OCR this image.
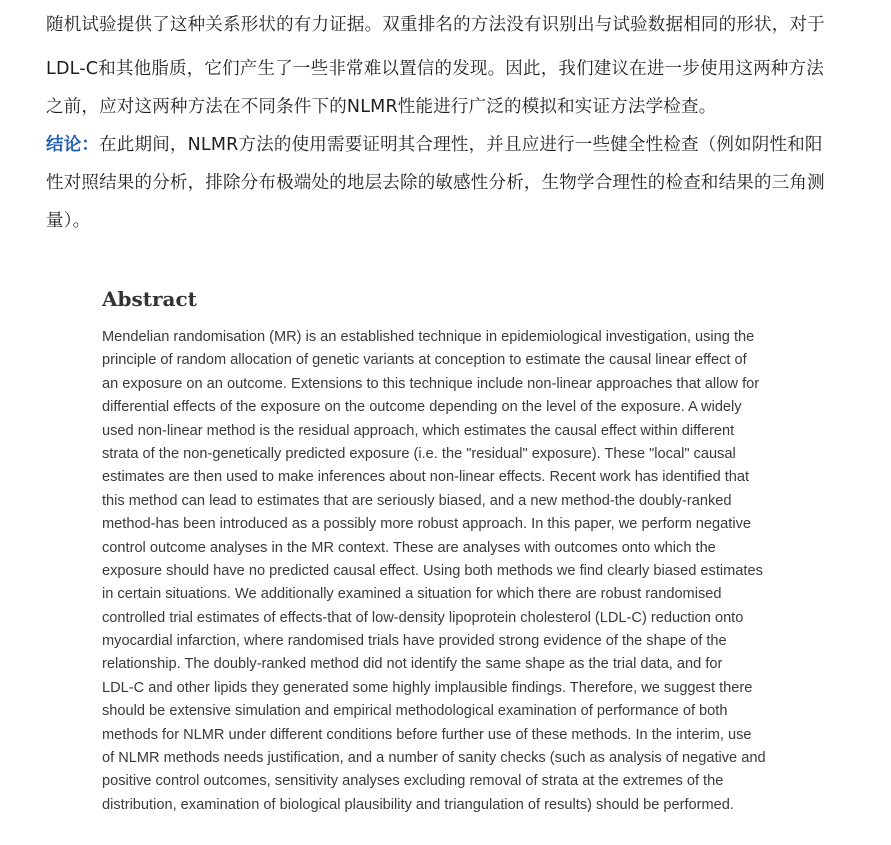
随机试验提供了这种关系形状的有力证据。双重排名的方法没有识别出与试验数据相同的形状，对于
LDL-C和其他脂质，它们产生了一些非常难以置信的发现。因此，我们建议在进一步使用这两种方法
之前，应对这两种方法在不同条件下的NLMR性能进行广泛的模拟和实证方法学检查。
结论：在此期间，NLMR方法的使用需要证明其合理性，并且应进行一些健全性检查（例如阴性和阳
性对照结果的分析，排除分布极端处的地层去除的敏感性分析，生物学合理性的检查和结果的三角测
量）。
Abstract
Mendelian randomisation (MR) is an established technique in epidemiological investigation, using the
principle of random allocation of genetic variants at conception to estimate the causal linear effect of
an exposure on an outcome. Extensions to this technique include non-linear approaches that allow for
differential effects of the exposure on the outcome depending on the level of the exposure. A widely
used non-linear method is the residual approach, which estimates the causal effect within different
strata of the non-genetically predicted exposure (i.e. the "residual" exposure). These "local" causal
estimates are then used to make inferences about non-linear effects. Recent work has identified that
this method can lead to estimates that are seriously biased, and a new method-the doubly-ranked
method-has been introduced as a possibly more robust approach. In this paper, we perform negative
control outcome analyses in the MR context. These are analyses with outcomes onto which the
exposure should have no predicted causal effect. Using both methods we find clearly biased estimates
in certain situations. We additionally examined a situation for which there are robust randomised
controlled trial estimates of effects-that of low-density lipoprotein cholesterol (LDL-C) reduction onto
myocardial infarction, where randomised trials have provided strong evidence of the shape of the
relationship. The doubly-ranked method did not identify the same shape as the trial data, and for
LDL-C and other lipids they generated some highly implausible findings. Therefore, we suggest there
should be extensive simulation and empirical methodological examination of performance of both
methods for NLMR under different conditions before further use of these methods. In the interim, use
of NLMR methods needs justification, and a number of sanity checks (such as analysis of negative and
positive control outcomes, sensitivity analyses excluding removal of strata at the extremes of the
distribution, examination of biological plausibility and triangulation of results) should be performed.
